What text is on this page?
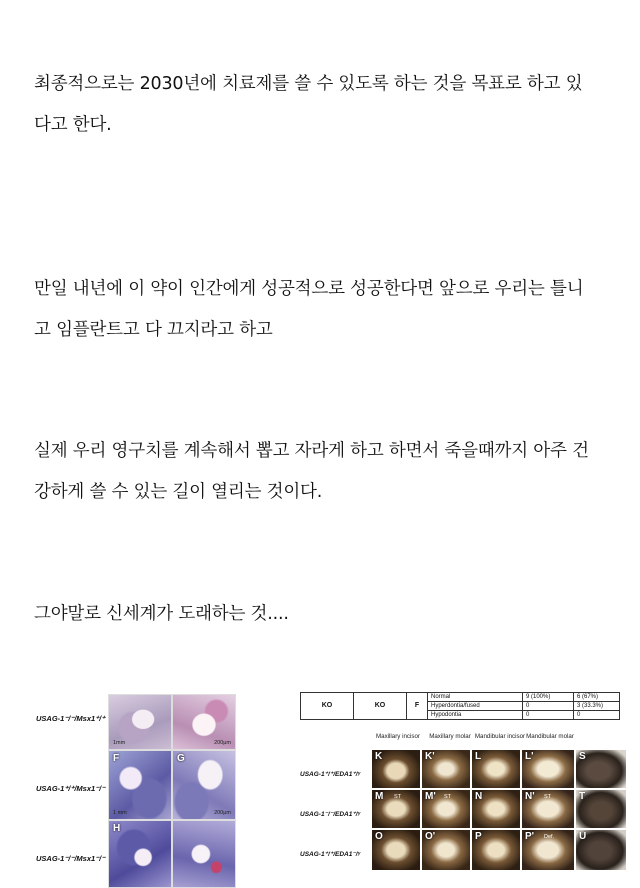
최종적으로는 2030년에 치료제를 쓸 수 있도록 하는 것을 목표로 하고 있
다고 한다.

만일 내년에 이 약이 인간에게 성공적으로 성공한다면 앞으로 우리는 틀니
고 임플란트고 다 끄지라고 하고

실제 우리 영구치를 계속해서 뽑고 자라게 하고 하면서 죽을때까지 아주 건
강하게 쓸 수 있는 길이 열리는 것이다.

그야말로 신세계가 도래하는 것....

USAG-1⁻/⁻/Msx1⁺/⁺
USAG-1⁺/⁺/Msx1⁻/⁻
USAG-1⁻/⁻/Msx1⁻/⁻
1mm	200μm
F
1 mm
G
200μm
H
KO	KO	F	Normal	9 (100%)	6 (67%)
			Hyperdontia/fused	0	3 (33.3%)
			Hypodontia	0	0
Maxillary incisor	Maxillary molar Mandibular incisor Mandibular molar
USAG-1⁺/⁺/EDA1⁺/ʸ
USAG-1⁻/⁻/EDA1⁺/ʸ
USAG-1⁺/⁺/EDA1⁻/ʸ
K	K'	L	L'	S
M ST M' ST N	N' ST	T
O	O'	P	P' Def. U
